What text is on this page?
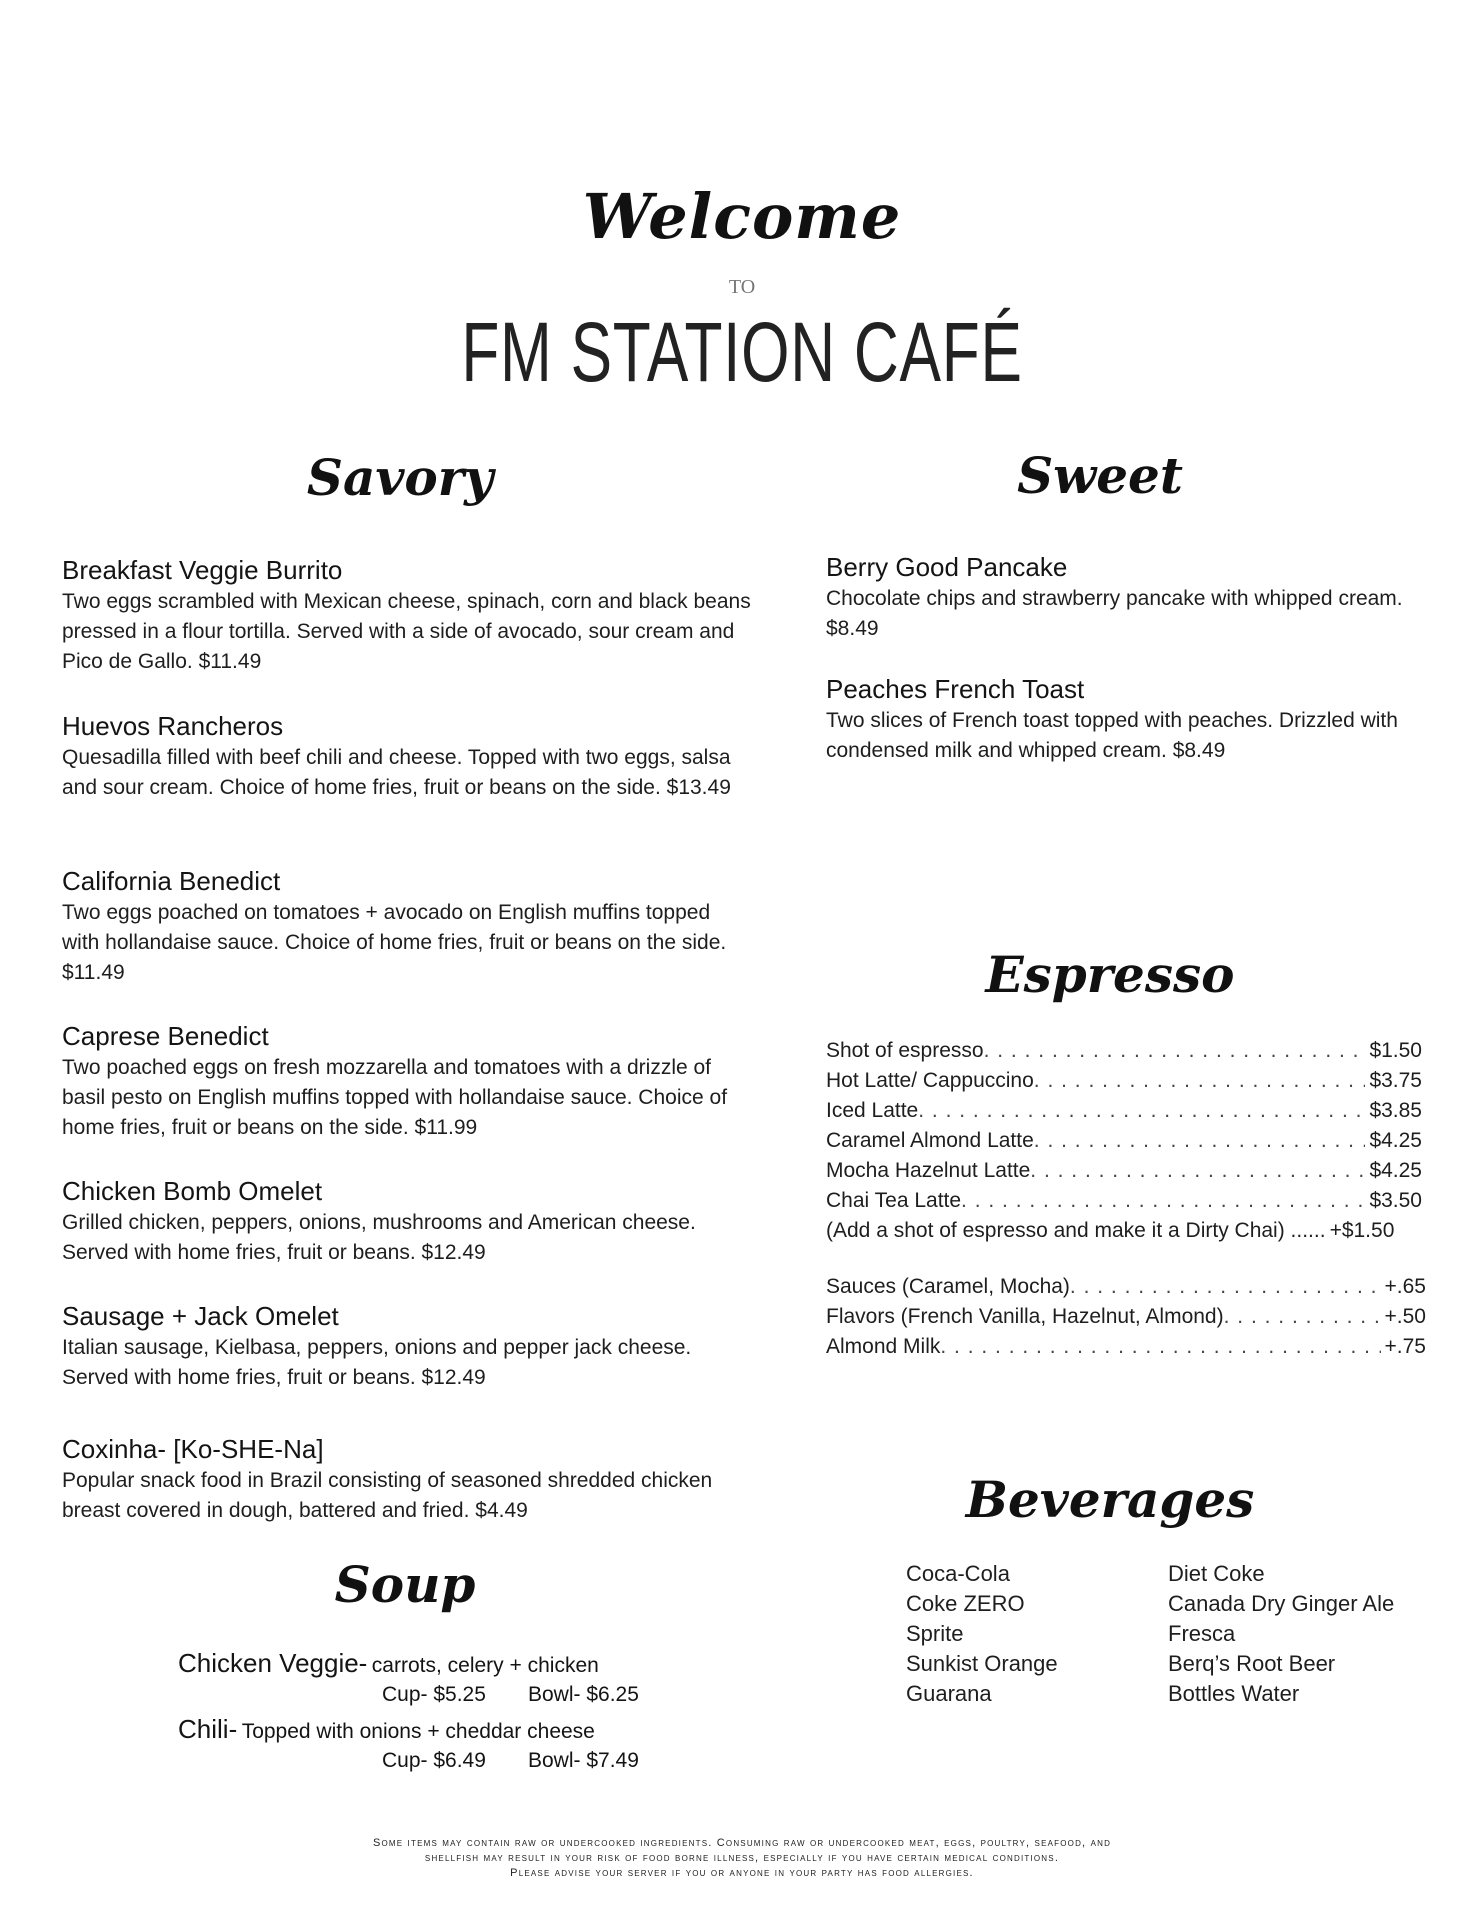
Welcome
TO
FM STATION CAFÉ
Savory
Breakfast Veggie Burrito
Two eggs scrambled with Mexican cheese, spinach, corn and black beans pressed in a flour tortilla. Served with a side of avocado, sour cream and Pico de Gallo. $11.49
Huevos Rancheros
Quesadilla filled with beef chili and cheese. Topped with two eggs, salsa and sour cream. Choice of home fries, fruit or beans on the side. $13.49
California Benedict
Two eggs poached on tomatoes + avocado on English muffins topped with hollandaise sauce. Choice of home fries, fruit or beans on the side. $11.49
Caprese Benedict
Two poached eggs on fresh mozzarella and tomatoes with a drizzle of basil pesto on English muffins topped with hollandaise sauce. Choice of home fries, fruit or beans on the side. $11.99
Chicken Bomb Omelet
Grilled chicken, peppers, onions, mushrooms and American cheese. Served with home fries, fruit or beans. $12.49
Sausage + Jack Omelet
Italian sausage, Kielbasa, peppers, onions and pepper jack cheese. Served with home fries, fruit or beans. $12.49
Coxinha- [Ko-SHE-Na]
Popular snack food in Brazil consisting of seasoned shredded chicken breast covered in dough, battered and fried. $4.49
Sweet
Berry Good Pancake
Chocolate chips and strawberry pancake with whipped cream. $8.49
Peaches French Toast
Two slices of French toast topped with peaches. Drizzled with condensed milk and whipped cream. $8.49
Espresso
Shot of espresso . . .	$1.50
Hot Latte/ Cappuccino . . .	$3.75
Iced Latte . . .	$3.85
Caramel Almond Latte . . .	$4.25
Mocha Hazelnut Latte . . .	$4.25
Chai Tea Latte . . .	$3.50
(Add a shot of espresso and make it a Dirty Chai) ...... +$1.50
Sauces (Caramel, Mocha) . . .	+.65
Flavors (French Vanilla, Hazelnut, Almond) . . .	+.50
Almond Milk . . .	+.75
Beverages
Coca-Cola
Coke ZERO
Sprite
Sunkist Orange
Guarana
Diet Coke
Canada Dry Ginger Ale
Fresca
Berq’s Root Beer
Bottles Water
Soup
Chicken Veggie- carrots, celery + chicken
Cup- $5.25 Bowl- $6.25
Chili- Topped with onions + cheddar cheese
Cup- $6.49 Bowl- $7.49
Some items may contain raw or undercooked ingredients. Consuming raw or undercooked meat, eggs, poultry, seafood, and
shellfish may result in your risk of food borne illness, especially if you have certain medical conditions.
Please advise your server if you or anyone in your party has food allergies.
